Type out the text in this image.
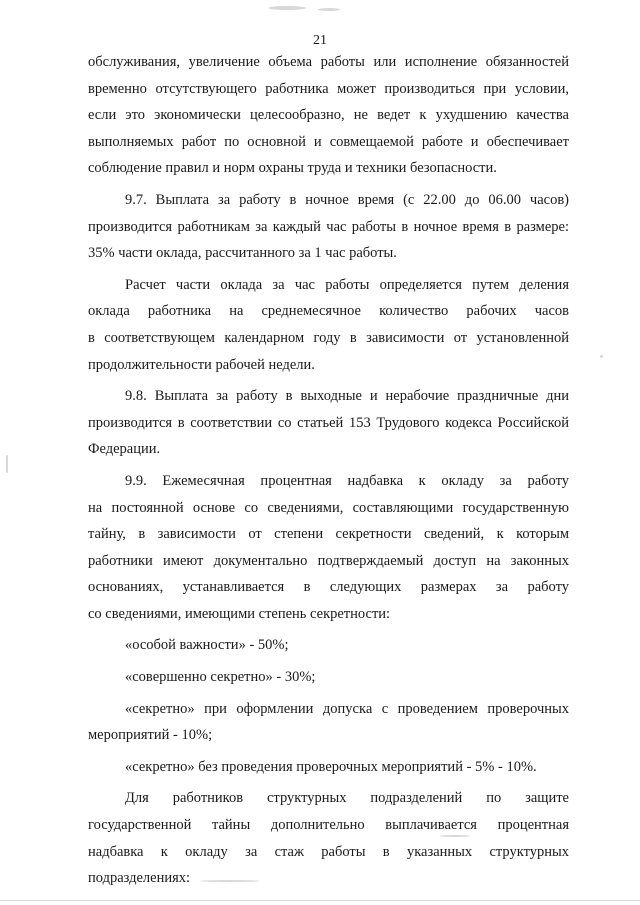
21
обслуживания, увеличение объема работы или исполнение обязанностей
временно отсутствующего работника может производиться при условии,
если это экономически целесообразно, не ведет к ухудшению качества
выполняемых работ по основной и совмещаемой работе и обеспечивает
соблюдение правил и норм охраны труда и техники безопасности.
9.7. Выплата за работу в ночное время (с 22.00 до 06.00 часов)
производится работникам за каждый час работы в ночное время в размере:
35% части оклада, рассчитанного за 1 час работы.
Расчет части оклада за час работы определяется путем деления
оклада работника на среднемесячное количество рабочих часов
в соответствующем календарном году в зависимости от установленной
продолжительности рабочей недели.
9.8. Выплата за работу в выходные и нерабочие праздничные дни
производится в соответствии со статьей 153 Трудового кодекса Российской
Федерации.
9.9. Ежемесячная процентная надбавка к окладу за работу
на постоянной основе со сведениями, составляющими государственную
тайну, в зависимости от степени секретности сведений, к которым
работники имеют документально подтверждаемый доступ на законных
основаниях, устанавливается в следующих размерах за работу
со сведениями, имеющими степень секретности:
«особой важности» - 50%;
«совершенно секретно» - 30%;
«секретно» при оформлении допуска с проведением проверочных
мероприятий - 10%;
«секретно» без проведения проверочных мероприятий - 5% - 10%.
Для работников структурных подразделений по защите
государственной тайны дополнительно выплачивается процентная
надбавка к окладу за стаж работы в указанных структурных
подразделениях:
